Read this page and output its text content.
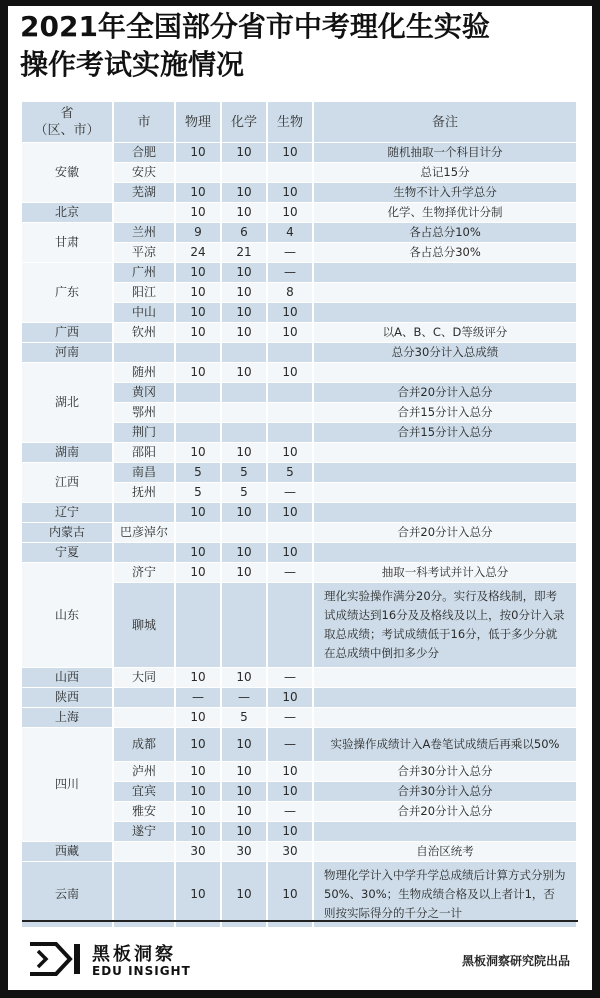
2021年全国部分省市中考理化生实验
操作考试实施情况
省
（区、市）	市	物理	化学	生物	备注
安徽	合肥	10	10	10	随机抽取一个科目计分
	安庆				总记15分
	芜湖	10	10	10	生物不计入升学总分
北京		10	10	10	化学、生物择优计分制
甘肃	兰州	9	6	4	各占总分10%
	平凉	24	21	—	各占总分30%
广东	广州	10	10	—	
	阳江	10	10	8	
	中山	10	10	10	
广西	钦州	10	10	10	以A、B、C、D等级评分
河南					总分30分计入总成绩
湖北	随州	10	10	10	
	黄冈				合并20分计入总分
	鄂州				合并15分计入总分
	荆门				合并15分计入总分
湖南	邵阳	10	10	10	
江西	南昌	5	5	5	
	抚州	5	5	—	
辽宁		10	10	10	
内蒙古	巴彦淖尔				合并20分计入总分
宁夏		10	10	10	
山东	济宁	10	10	—	抽取一科考试并计入总分
	聊城				理化实验操作满分20分。实行及格线制，即考试成绩达到16分及及格线及以上，按0分计入录取总成绩；考试成绩低于16分，低于多少分就在总成绩中倒扣多少分
山西	大同	10	10	—	
陕西		—	—	10	
上海		10	5	—	
四川	成都	10	10	—	实验操作成绩计入A卷笔试成绩后再乘以50%
	泸州	10	10	10	合并30分计入总分
	宜宾	10	10	10	合并30分计入总分
	雅安	10	10	—	合并20分计入总分
	遂宁	10	10	10	
西藏		30	30	30	自治区统考
云南		10	10	10	物理化学计入中学升学总成绩后计算方式分别为50%、30%；生物成绩合格及以上者计1，否则按实际得分的千分之一计
黑板洞察
EDU INSIGHT
黑板洞察研究院出品
